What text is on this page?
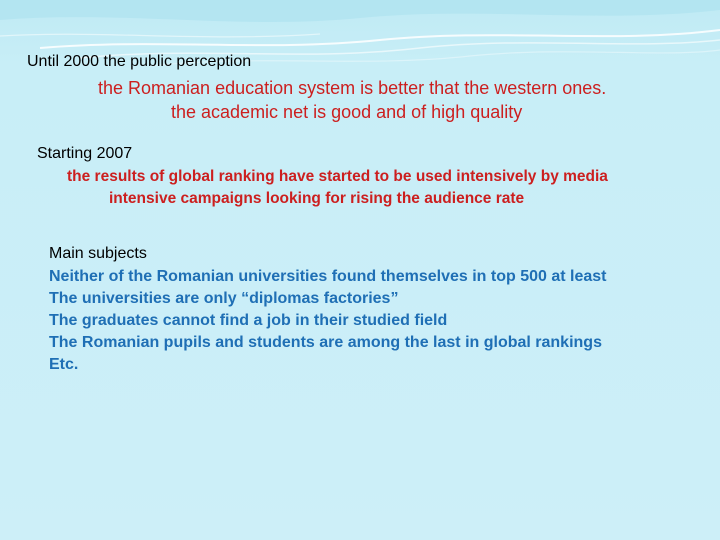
Until 2000 the public perception
the Romanian education system is better that the western ones.
the academic net is good and of high quality
Starting 2007
the results of global ranking have started to be used intensively by media
intensive campaigns looking for rising the audience rate
Main subjects
Neither of the Romanian universities found themselves in top 500 at least
The universities are only “diplomas factories”
The graduates cannot find a job in their studied field
The Romanian pupils and students are among the last in global rankings
Etc.
